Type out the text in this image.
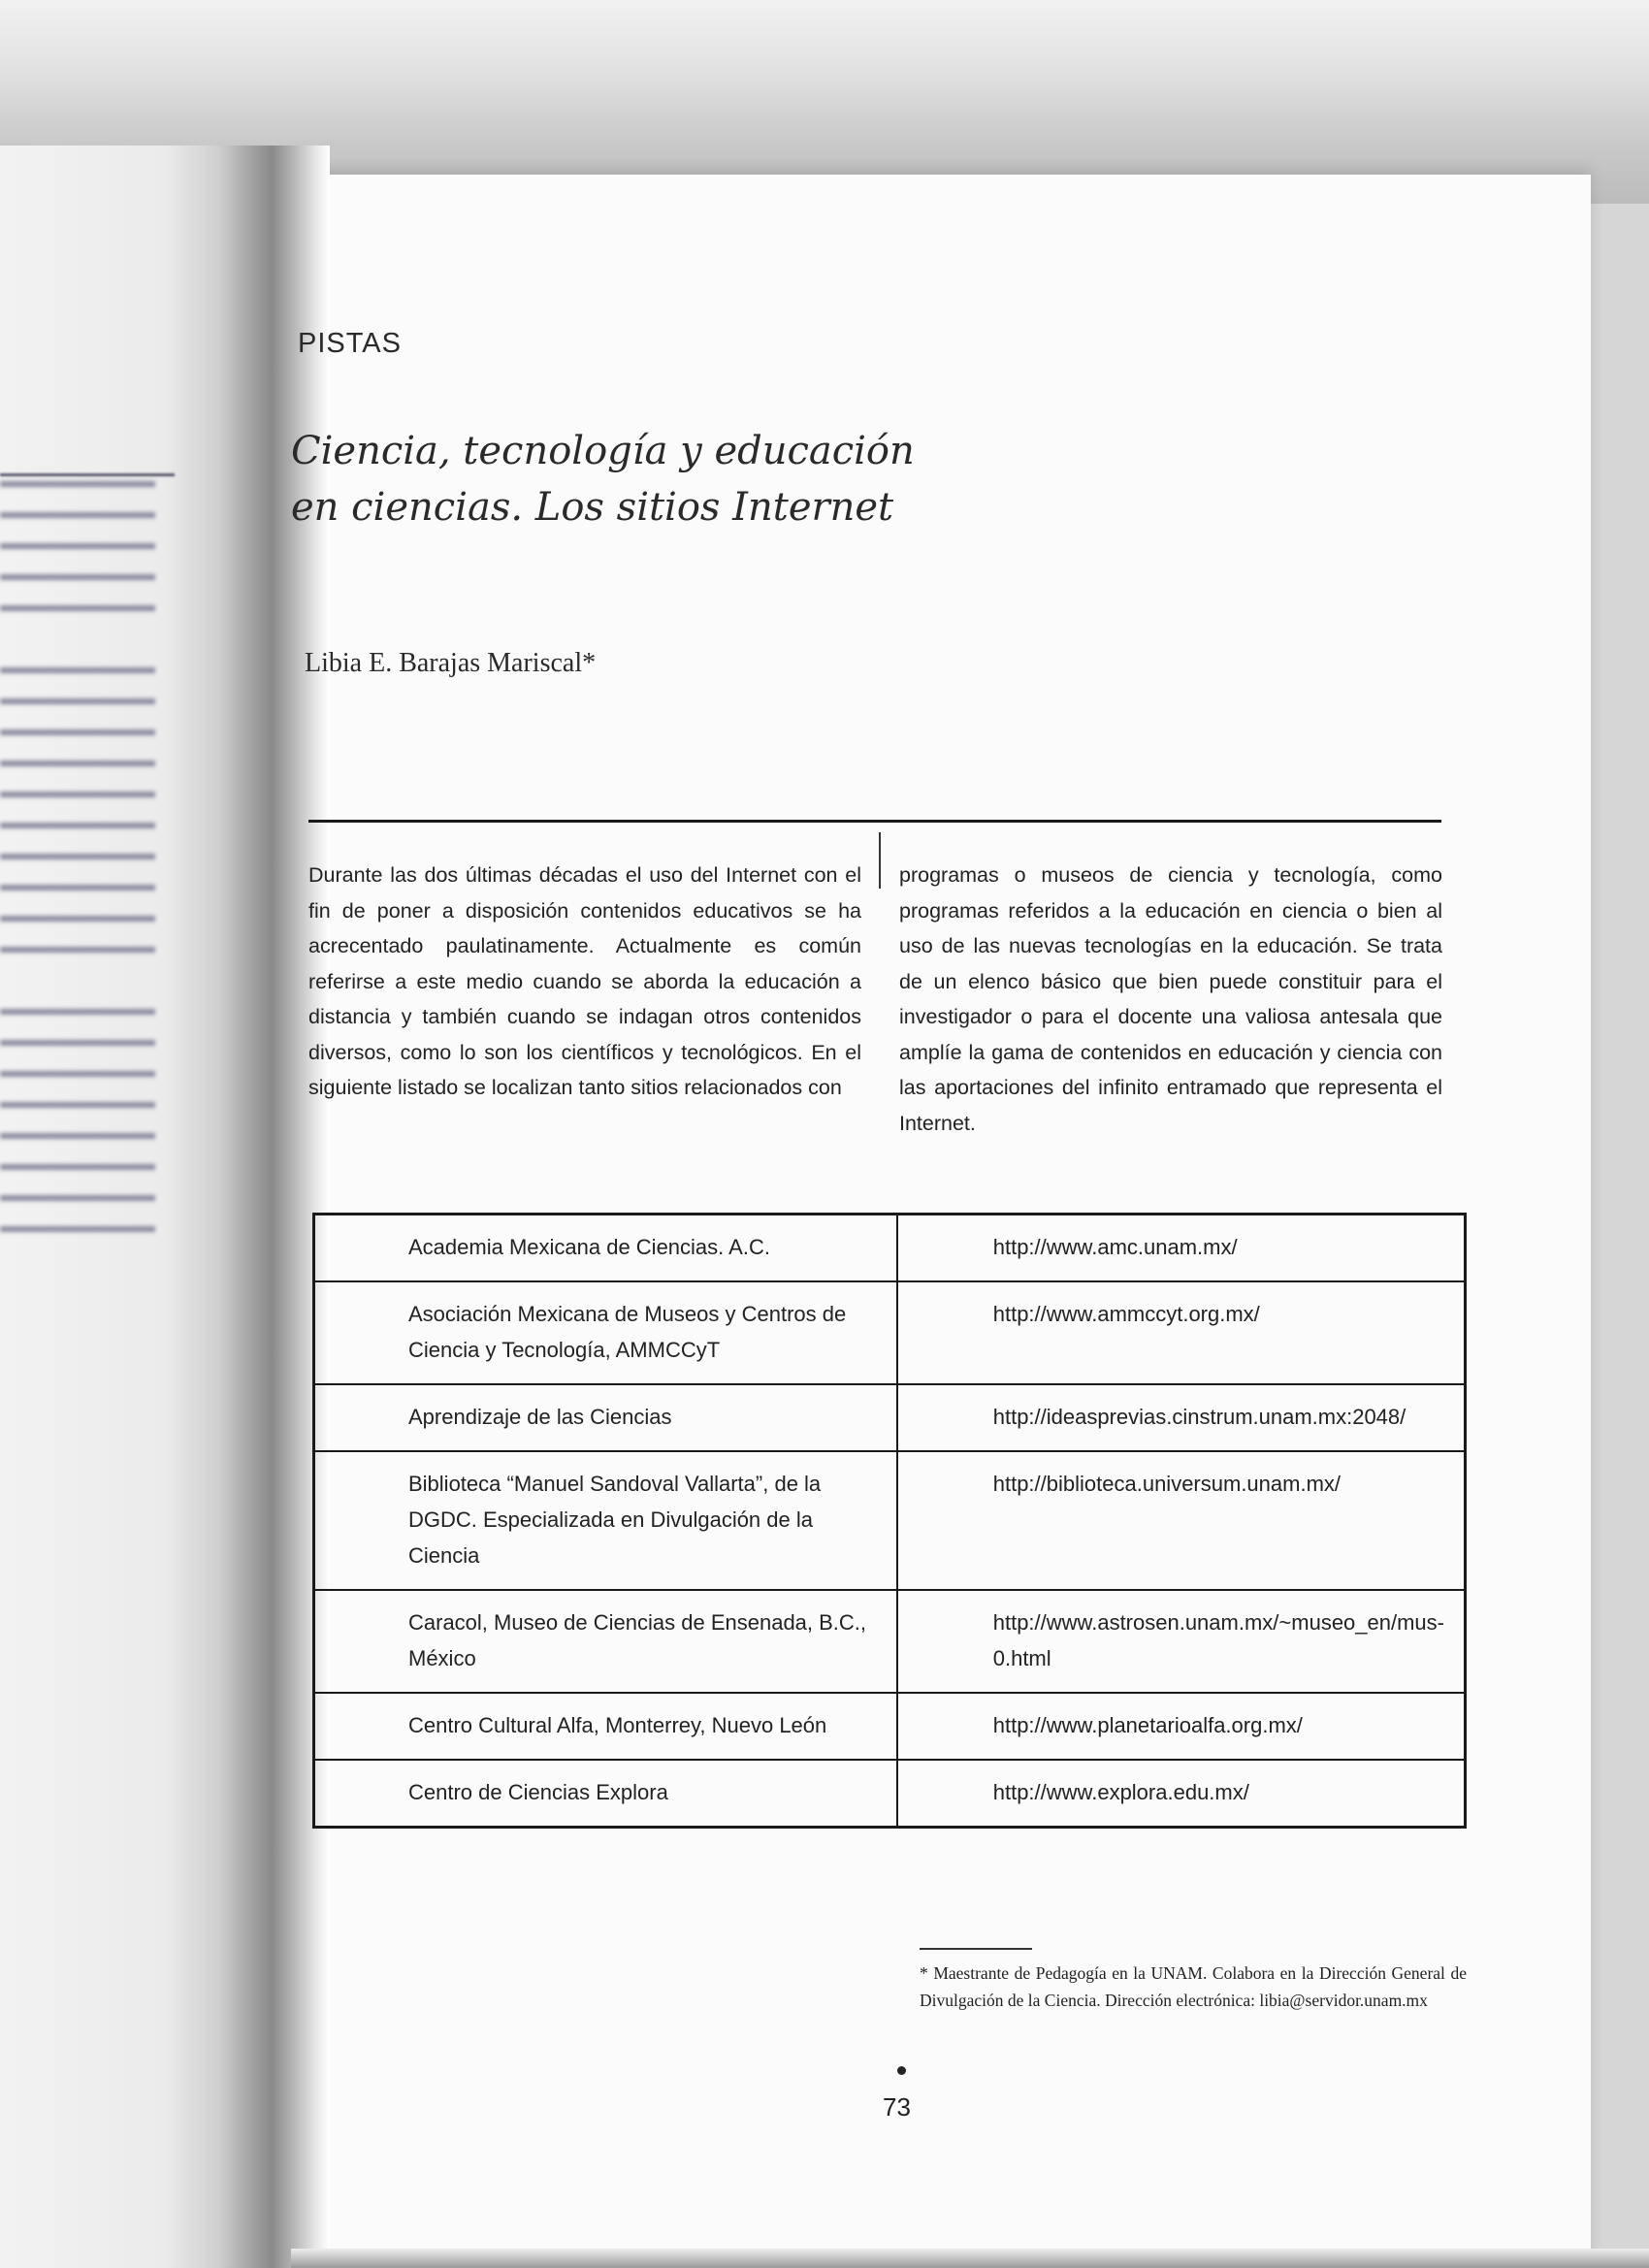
▬▬▬▬▬▬▬▬
▬▬▬▬▬▬▬▬
▬▬▬▬▬▬▬▬
▬▬▬▬▬▬▬▬
▬▬▬▬▬▬▬▬

▬▬▬▬▬▬▬▬
▬▬▬▬▬▬▬▬
▬▬▬▬▬▬▬▬
▬▬▬▬▬▬▬▬
▬▬▬▬▬▬▬▬
▬▬▬▬▬▬▬▬
▬▬▬▬▬▬▬▬
▬▬▬▬▬▬▬▬
▬▬▬▬▬▬▬▬
▬▬▬▬▬▬▬▬

▬▬▬▬▬▬▬▬
▬▬▬▬▬▬▬▬
▬▬▬▬▬▬▬▬
▬▬▬▬▬▬▬▬
▬▬▬▬▬▬▬▬
▬▬▬▬▬▬▬▬
▬▬▬▬▬▬▬▬
▬▬▬▬▬▬▬▬

PISTAS
Ciencia, tecnología y educación
en ciencias. Los sitios Internet
Libia E. Barajas Mariscal*

Durante las dos últimas décadas el uso del Internet con el fin de poner a disposición contenidos educativos se ha acrecentado paulatinamente. Actualmente es común referirse a este medio cuando se aborda la educación a distancia y también cuando se indagan otros contenidos diversos, como lo son los científicos y tecnológicos. En el siguiente listado se localizan tanto sitios relacionados con

programas o museos de ciencia y tecnología, como programas referidos a la educación en ciencia o bien al uso de las nuevas tecnologías en la educación. Se trata de un elenco básico que bien puede constituir para el investigador o para el docente una valiosa antesala que amplíe la gama de contenidos en educación y ciencia con las aportaciones del infinito entramado que representa el Internet.

Academia Mexicana de Ciencias. A.C.	http://www.amc.unam.mx/
Asociación Mexicana de Museos y Centros de Ciencia y Tecnología, AMMCCyT	http://www.ammccyt.org.mx/
Aprendizaje de las Ciencias	http://ideasprevias.cinstrum.unam.mx:2048/
Biblioteca “Manuel Sandoval Vallarta”, de la DGDC. Especializada en Divulgación de la Ciencia	http://biblioteca.universum.unam.mx/
Caracol, Museo de Ciencias de Ensenada, B.C., México	http://www.astrosen.unam.mx/~museo_en/mus-0.html
Centro Cultural Alfa, Monterrey, Nuevo León	http://www.planetarioalfa.org.mx/
Centro de Ciencias Explora	http://www.explora.edu.mx/

* Maestrante de Pedagogía en la UNAM. Colabora en la Dirección General de Divulgación de la Ciencia. Dirección electrónica: libia@servidor.unam.mx

73
